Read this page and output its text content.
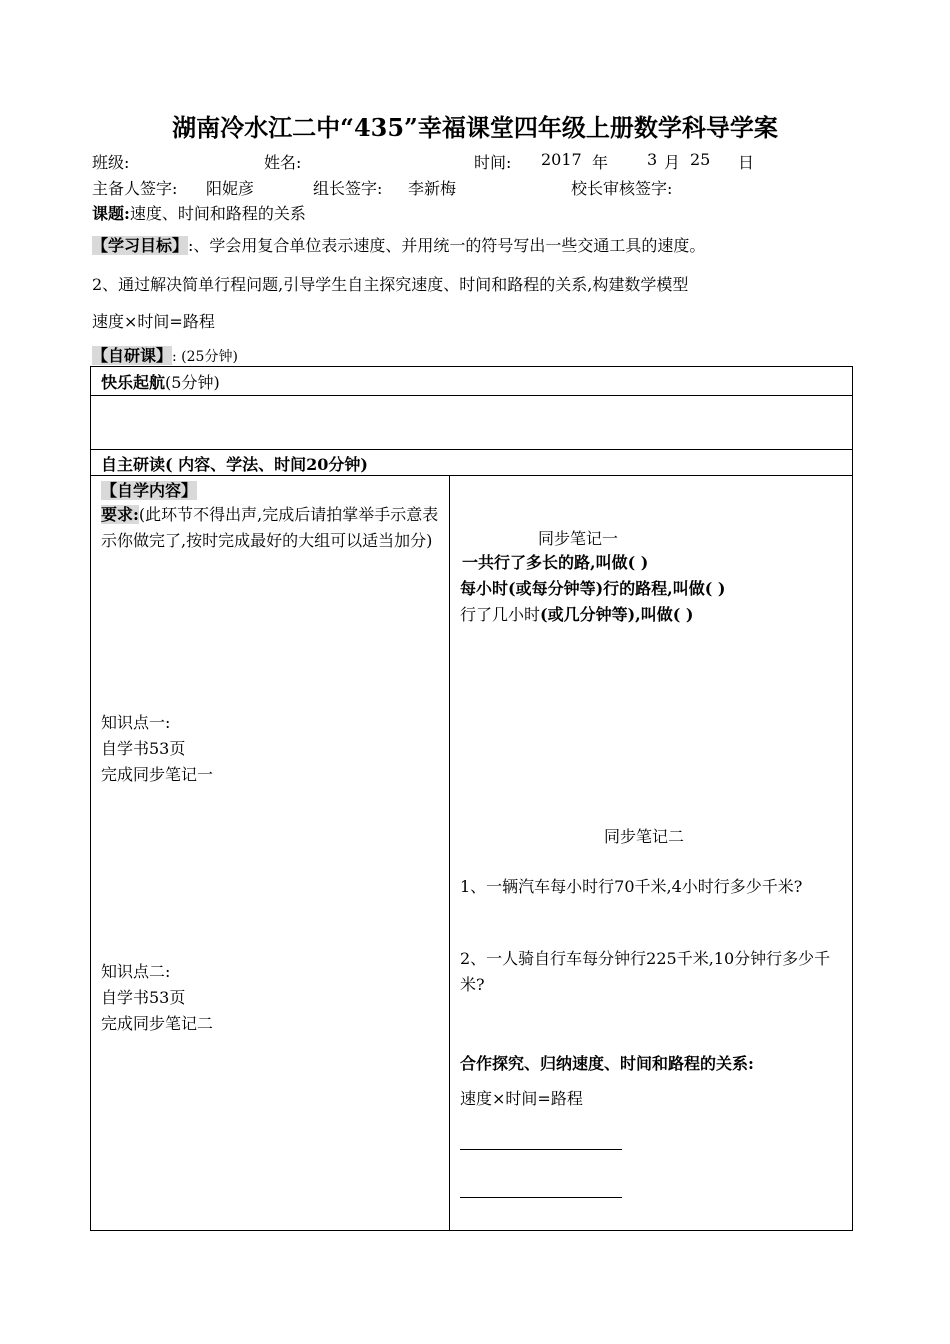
湖南冷水江二中“435”幸福课堂四年级上册数学科导学案
班级:	姓名:	时间: 2017 年 3 月 25 日
主备人签字: 阳妮彦	组长签字: 李新梅	校长审核签字:
课题:速度、时间和路程的关系
【学习目标】:、学会用复合单位表示速度、并用统一的符号写出一些交通工具的速度。
2、通过解决简单行程问题,引导学生自主探究速度、时间和路程的关系,构建数学模型
速度×时间=路程
【自研课】: (25分钟)
快乐起航(5分钟)

自主研读( 内容、学法、时间20分钟)

【自学内容】
要求:(此环节不得出声,完成后请拍掌举手示意表示你做完了,按时完成最好的大组可以适当加分)
知识点一:
自学书53页
完成同步笔记一
知识点二:
自学书53页
完成同步笔记二

同步笔记一
一共行了多长的路,叫做( )
每小时(或每分钟等)行的路程,叫做( )
行了几小时(或几分钟等),叫做( )
同步笔记二
1、一辆汽车每小时行70千米,4小时行多少千米?
2、一人骑自行车每分钟行225千米,10分钟行多少千米?
合作探究、归纳速度、时间和路程的关系:
速度×时间=路程
